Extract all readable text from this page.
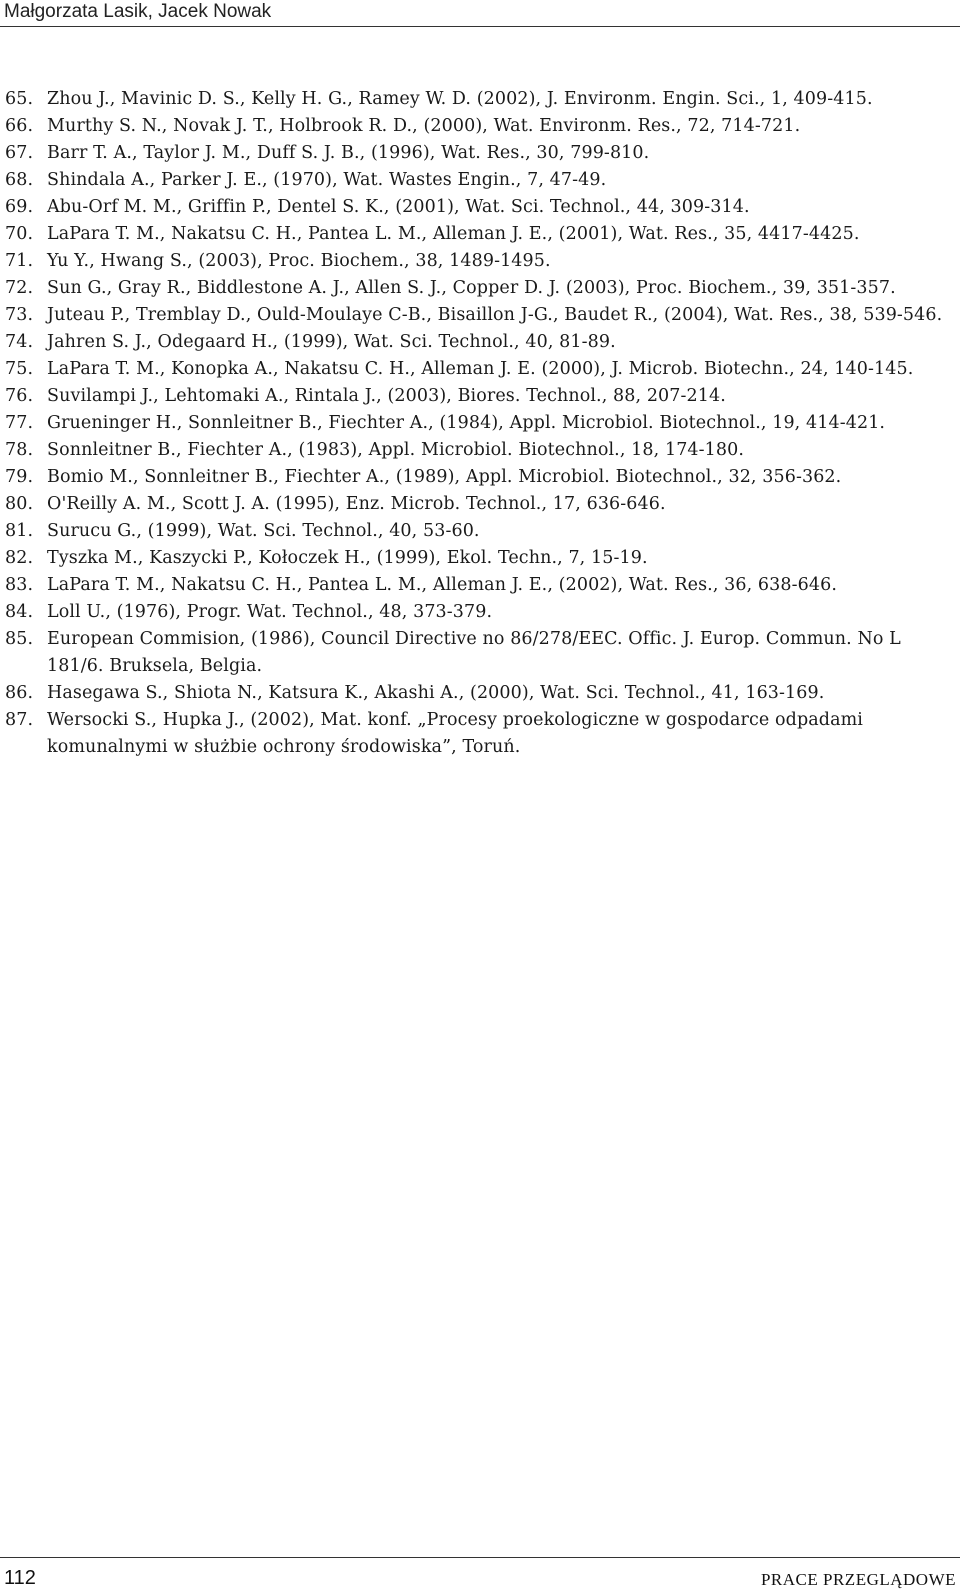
Małgorzata Lasik, Jacek Nowak
65. Zhou J., Mavinic D. S., Kelly H. G., Ramey W. D. (2002), J. Environm. Engin. Sci., 1, 409-415.
66. Murthy S. N., Novak J. T., Holbrook R. D., (2000), Wat. Environm. Res., 72, 714-721.
67. Barr T. A., Taylor J. M., Duff S. J. B., (1996), Wat. Res., 30, 799-810.
68. Shindala A., Parker J. E., (1970), Wat. Wastes Engin., 7, 47-49.
69. Abu-Orf M. M., Griffin P., Dentel S. K., (2001), Wat. Sci. Technol., 44, 309-314.
70. LaPara T. M., Nakatsu C. H., Pantea L. M., Alleman J. E., (2001), Wat. Res., 35, 4417-4425.
71. Yu Y., Hwang S., (2003), Proc. Biochem., 38, 1489-1495.
72. Sun G., Gray R., Biddlestone A. J., Allen S. J., Copper D. J. (2003), Proc. Biochem., 39, 351-357.
73. Juteau P., Tremblay D., Ould-Moulaye C-B., Bisaillon J-G., Baudet R., (2004), Wat. Res., 38, 539-546.
74. Jahren S. J., Odegaard H., (1999), Wat. Sci. Technol., 40, 81-89.
75. LaPara T. M., Konopka A., Nakatsu C. H., Alleman J. E. (2000), J. Microb. Biotechn., 24, 140-145.
76. Suvilampi J., Lehtomaki A., Rintala J., (2003), Biores. Technol., 88, 207-214.
77. Grueninger H., Sonnleitner B., Fiechter A., (1984), Appl. Microbiol. Biotechnol., 19, 414-421.
78. Sonnleitner B., Fiechter A., (1983), Appl. Microbiol. Biotechnol., 18, 174-180.
79. Bomio M., Sonnleitner B., Fiechter A., (1989), Appl. Microbiol. Biotechnol., 32, 356-362.
80. O'Reilly A. M., Scott J. A. (1995), Enz. Microb. Technol., 17, 636-646.
81. Surucu G., (1999), Wat. Sci. Technol., 40, 53-60.
82. Tyszka M., Kaszycki P., Kołoczek H., (1999), Ekol. Techn., 7, 15-19.
83. LaPara T. M., Nakatsu C. H., Pantea L. M., Alleman J. E., (2002), Wat. Res., 36, 638-646.
84. Loll U., (1976), Progr. Wat. Technol., 48, 373-379.
85. European Commision, (1986), Council Directive no 86/278/EEC. Offic. J. Europ. Commun. No L 181/6. Bruksela, Belgia.
86. Hasegawa S., Shiota N., Katsura K., Akashi A., (2000), Wat. Sci. Technol., 41, 163-169.
87. Wersocki S., Hupka J., (2002), Mat. konf. „Procesy proekologiczne w gospodarce odpadami komunalnymi w służbie ochrony środowiska”, Toruń.
112	PRACE PRZEGLĄDOWE
